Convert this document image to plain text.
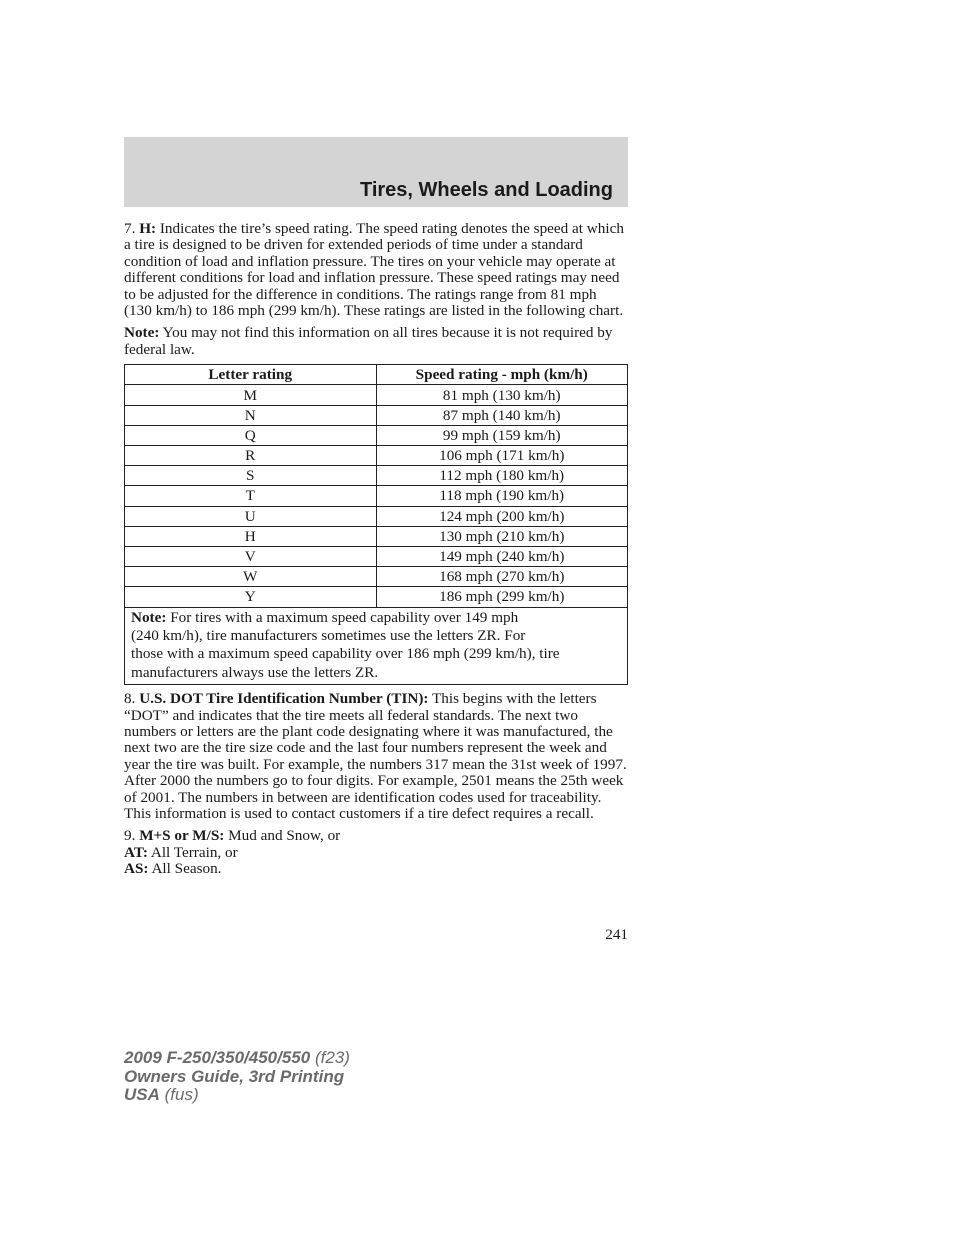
Tires, Wheels and Loading

7. H: Indicates the tire’s speed rating. The speed rating denotes the speed at which a tire is designed to be driven for extended periods of time under a standard condition of load and inflation pressure. The tires on your vehicle may operate at different conditions for load and inflation pressure. These speed ratings may need to be adjusted for the difference in conditions. The ratings range from 81 mph (130 km/h) to 186 mph (299 km/h). These ratings are listed in the following chart.

Note: You may not find this information on all tires because it is not required by federal law.

Letter rating	Speed rating - mph (km/h)
M	81 mph (130 km/h)
N	87 mph (140 km/h)
Q	99 mph (159 km/h)
R	106 mph (171 km/h)
S	112 mph (180 km/h)
T	118 mph (190 km/h)
U	124 mph (200 km/h)
H	130 mph (210 km/h)
V	149 mph (240 km/h)
W	168 mph (270 km/h)
Y	186 mph (299 km/h)
Note: For tires with a maximum speed capability over 149 mph
(240 km/h), tire manufacturers sometimes use the letters ZR. For
those with a maximum speed capability over 186 mph (299 km/h), tire
manufacturers always use the letters ZR.	

8. U.S. DOT Tire Identification Number (TIN): This begins with the letters “DOT” and indicates that the tire meets all federal standards. The next two numbers or letters are the plant code designating where it was manufactured, the next two are the tire size code and the last four numbers represent the week and year the tire was built. For example, the numbers 317 mean the 31st week of 1997. After 2000 the numbers go to four digits. For example, 2501 means the 25th week of 2001. The numbers in between are identification codes used for traceability. This information is used to contact customers if a tire defect requires a recall.

9. M+S or M/S: Mud and Snow, or
AT: All Terrain, or
AS: All Season.

241
2009 F-250/350/450/550 (f23)
Owners Guide, 3rd Printing
USA (fus)
